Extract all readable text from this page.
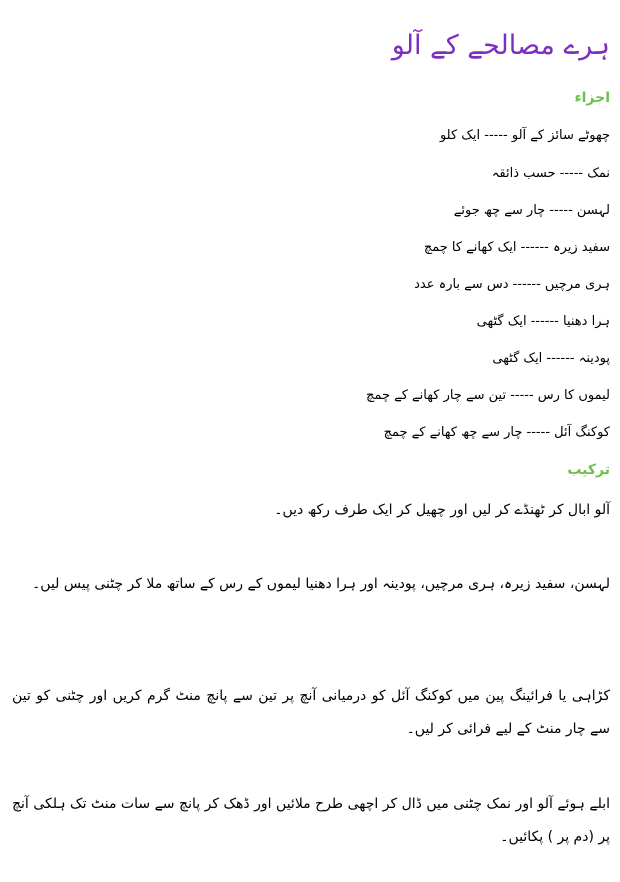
ہرے مصالحے کے آلو
اجزاء
چھوٹے سائز کے آلو ----- ایک کلو
نمک ----- حسب ذائقہ
لہسن ----- چار سے چھ جوئے
سفید زیرہ ------ ایک کھانے کا چمچ
ہری مرچیں ------ دس سے بارہ عدد
ہرا دھنیا ------ ایک گٹھی
پودینہ ------ ایک گٹھی
لیموں کا رس ----- تین سے چار کھانے کے چمچ
کوکنگ آئل ----- چار سے چھ کھانے کے چمچ
ترکیب

آلو ابال کر ٹھنڈے کر لیں اور چھیل کر ایک طرف رکھ دیں۔

لہسن، سفید زیرہ، ہری مرچیں، پودینہ اور ہرا دھنیا لیموں کے رس کے ساتھ ملا کر چٹنی پیس لیں۔

کڑاہی یا فرائینگ پین میں کوکنگ آئل کو درمیانی آنچ پر تین سے پانچ منٹ گرم کریں اور چٹنی کو تین سے چار منٹ کے لیے فرائی کر لیں۔

ابلے ہوئے آلو اور نمک چٹنی میں ڈال کر اچھی طرح ملائیں اور ڈھک کر پانچ سے سات منٹ تک ہلکی آنچ پر (دم پر ) پکائیں۔
